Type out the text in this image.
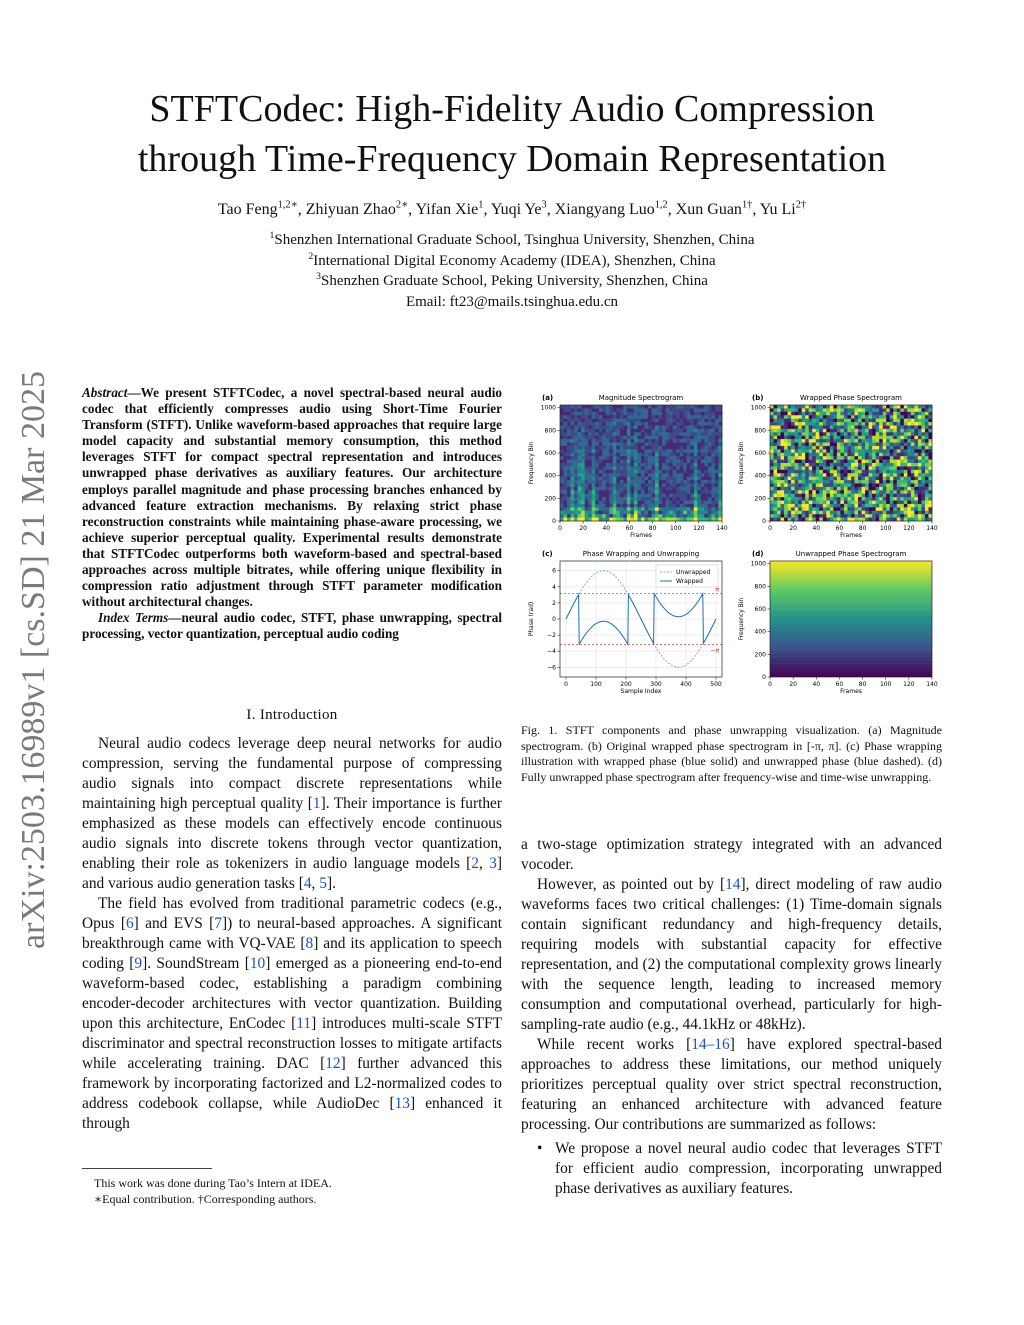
arXiv:2503.16989v1 [cs.SD] 21 Mar 2025
STFTCodec: High-Fidelity Audio Compression
through Time-Frequency Domain Representation
Tao Feng$^{1,2∗}$, Zhiyuan Zhao$^{2∗}$, Yifan Xie$^1$, Yuqi Ye$^3$, Xiangyang Luo$^{1,2}$, Xun Guan$^{1\dagger}$, Yu $Li^{2\dagger}$
$^1$Shenzhen International Graduate School, Tsinghua University, Shenzhen, China
$^2$International Digital Economy Academy (IDEA), Shenzhen, China
$^3$Shenzhen Graduate School, Peking University, Shenzhen, China
Email: ft23@mails.tsinghua.edu.cn
Abstract—We present STFTCodec, a novel spectral-based neural audio codec that efficiently compresses audio using Short-Time Fourier Transform (STFT). Unlike waveform-based approaches that require large model capacity and substantial memory consumption, this method leverages STFT for compact spectral representation and introduces unwrapped phase derivatives as auxiliary features. Our architecture employs parallel magnitude and phase processing branches enhanced by advanced feature extraction mechanisms. By relaxing strict phase reconstruction constraints while maintaining phase-aware processing, we achieve superior perceptual quality. Experimental results demonstrate that STFTCodec outperforms both waveform-based and spectral-based approaches across multiple bitrates, while offering unique flexibility in compression ratio adjustment through STFT parameter modification without architectural changes.
Index Terms—neural audio codec, STFT, phase unwrapping, spectral processing, vector quantization, perceptual audio coding
I. Introduction

Neural audio codecs leverage deep neural networks for audio compression, serving the fundamental purpose of compressing audio signals into compact discrete representations while maintaining high perceptual quality [1]. Their importance is further emphasized as these models can effectively encode continuous audio signals into discrete tokens through vector quantization, enabling their role as tokenizers in audio language models [2, 3] and various audio generation tasks [4, 5].

The field has evolved from traditional parametric codecs (e.g., Opus [6] and EVS [7]) to neural-based approaches. A significant breakthrough came with VQ-VAE [8] and its application to speech coding [9]. SoundStream [10] emerged as a pioneering end-to-end waveform-based codec, establishing a paradigm combining encoder-decoder architectures with vector quantization. Building upon this architecture, EnCodec [11] introduces multi-scale STFT discriminator and spectral reconstruction losses to mitigate artifacts while accelerating training. DAC [12] further advanced this framework by incorporating factorized and L2-normalized codes to address codebook collapse, while AudioDec [13] enhanced it through

This work was done during Tao’s Intern at IDEA.
∗Equal contribution. †Corresponding authors.
Magnitude Spectrogram
(a)
0	20	40	60	80 100 120 140
0
200
400
600
800
1000
Frames
Frequency Bin
Wrapped Phase Spectrogram
(b)
0	20	40	60	80 100 120 140
0
200
400
600
800
1000
Frames
Frequency Bin
π
−π
Unwrapped
Wrapped
Phase Wrapping and Unwrapping
(c)
0	100	200	300	400	500
−6
−4
−2
0
2
4
6
Sample Index
Phase (rad)
Unwrapped Phase Spectrogram
(d)
0	20	40	60	80 100 120 140
0
200
400
600
800
1000
Frames
Frequency Bin
Fig. 1. STFT components and phase unwrapping visualization. (a) Magnitude spectrogram. (b) Original wrapped phase spectrogram in [-π, π]. (c) Phase wrapping illustration with wrapped phase (blue solid) and unwrapped phase (blue dashed). (d) Fully unwrapped phase spectrogram after frequency-wise and time-wise unwrapping.

a two-stage optimization strategy integrated with an advanced vocoder.

However, as pointed out by [14], direct modeling of raw audio waveforms faces two critical challenges: (1) Time-domain signals contain significant redundancy and high-frequency details, requiring models with substantial capacity for effective representation, and (2) the computational complexity grows linearly with the sequence length, leading to increased memory consumption and computational overhead, particularly for high-sampling-rate audio (e.g., 44.1kHz or 48kHz).

While recent works [14–16] have explored spectral-based approaches to address these limitations, our method uniquely prioritizes perceptual quality over strict spectral reconstruction, featuring an enhanced architecture with advanced feature processing. Our contributions are summarized as follows:

• We propose a novel neural audio codec that leverages STFT for efficient audio compression, incorporating unwrapped phase derivatives as auxiliary features.
